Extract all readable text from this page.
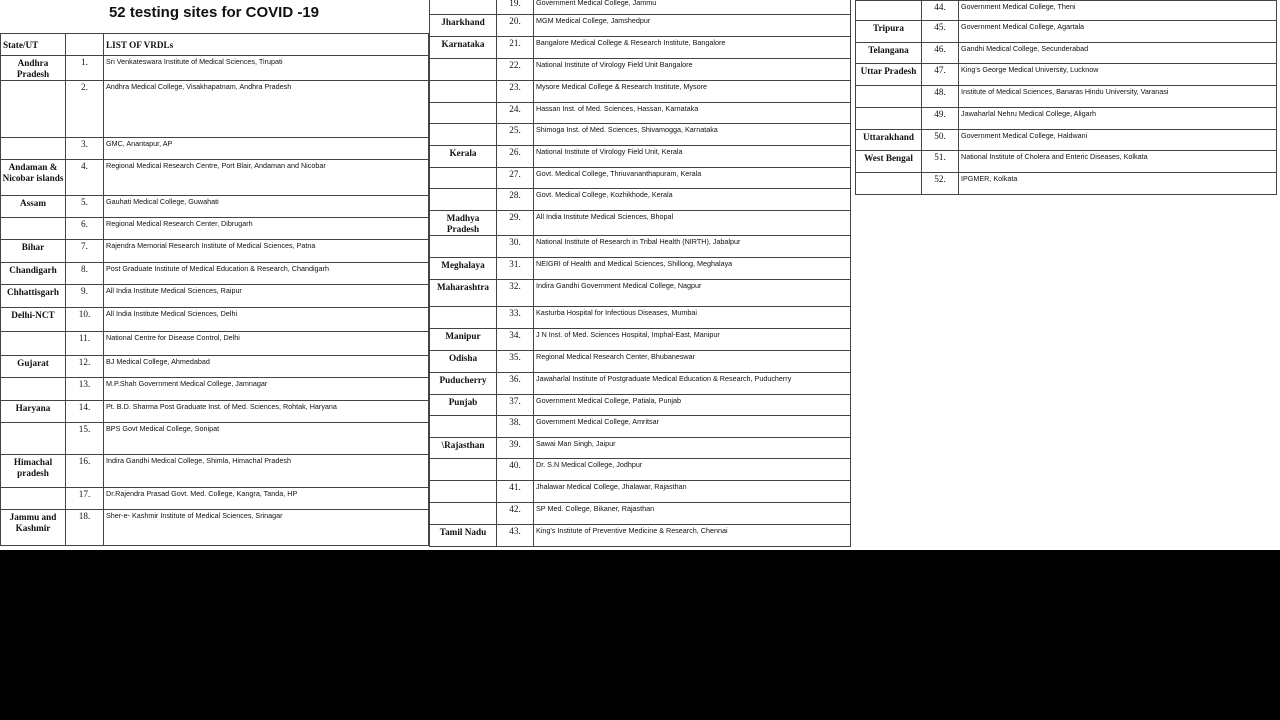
52 testing sites for COVID -19
State/UT		LIST OF VRDLs
Andhra Pradesh	1.	Sri Venkateswara Institute of Medical Sciences, Tirupati
	2.	Andhra Medical College, Visakhapatnam, Andhra Pradesh
	3.	GMC, Anantapur, AP
Andaman & Nicobar islands	4.	Regional Medical Research Centre, Port Blair, Andaman and Nicobar
Assam	5.	Gauhati Medical College, Guwahati
	6.	Regional Medical Research Center, Dibrugarh
Bihar	7.	Rajendra Memorial Research Institute of Medical Sciences, Patna
Chandigarh	8.	Post Graduate Institute of Medical Education & Research, Chandigarh
Chhattisgarh	9.	All India Institute Medical Sciences, Raipur
Delhi-NCT	10.	All India Institute Medical Sciences, Delhi
	11.	National Centre for Disease Control, Delhi
Gujarat	12.	BJ Medical College, Ahmedabad
	13.	M.P.Shah Government Medical College, Jamnagar
Haryana	14.	Pt. B.D. Sharma Post Graduate Inst. of Med. Sciences, Rohtak, Haryana
	15.	BPS Govt Medical College, Sonipat
Himachal pradesh	16.	Indira Gandhi Medical College, Shimla, Himachal Pradesh
	17.	Dr.Rajendra Prasad Govt. Med. College, Kangra, Tanda, HP
Jammu and Kashmir	18.	Sher-e- Kashmir Institute of Medical Sciences, Srinagar
	19.	Government Medical College, Jammu
Jharkhand	20.	MGM Medical College, Jamshedpur
Karnataka	21.	Bangalore Medical College & Research Institute, Bangalore
	22.	National Institute of Virology Field Unit Bangalore
	23.	Mysore Medical College & Research Institute, Mysore
	24.	Hassan Inst. of Med. Sciences, Hassan, Karnataka
	25.	Shimoga Inst. of Med. Sciences, Shivamogga, Karnataka
Kerala	26.	National Institute of Virology Field Unit, Kerala
	27.	Govt. Medical College, Thriuvananthapuram, Kerala
	28.	Govt. Medical College, Kozhikhode, Kerala
Madhya Pradesh	29.	All India Institute Medical Sciences, Bhopal
	30.	National Institute of Research in Tribal Health (NIRTH), Jabalpur
Meghalaya	31.	NEIGRI of Health and Medical Sciences, Shillong, Meghalaya
Maharashtra	32.	Indira Gandhi Government Medical College, Nagpur
	33.	Kasturba Hospital for Infectious Diseases, Mumbai
Manipur	34.	J N Inst. of Med. Sciences Hospital, Imphal-East, Manipur
Odisha	35.	Regional Medical Research Center, Bhubaneswar
Puducherry	36.	Jawaharlal Institute of Postgraduate Medical Education & Research, Puducherry
Punjab	37.	Government Medical College, Patiala, Punjab
	38.	Government Medical College, Amritsar
\Rajasthan	39.	Sawai Man Singh, Jaipur
	40.	Dr. S.N Medical College, Jodhpur
	41.	Jhalawar Medical College, Jhalawar, Rajasthan
	42.	SP Med. College, Bikaner, Rajasthan
Tamil Nadu	43.	King's Institute of Preventive Medicine & Research, Chennai
	44.	Government Medical College, Theni
Tripura	45.	Government Medical College, Agartala
Telangana	46.	Gandhi Medical College, Secunderabad
Uttar Pradesh	47.	King's George Medical University, Lucknow
	48.	Institute of Medical Sciences, Banaras Hindu University, Varanasi
	49.	Jawaharlal Nehru Medical College, Aligarh
Uttarakhand	50.	Government Medical College, Haldwani
West Bengal	51.	National Institute of Cholera and Enteric Diseases, Kolkata
	52.	IPGMER, Kolkata
